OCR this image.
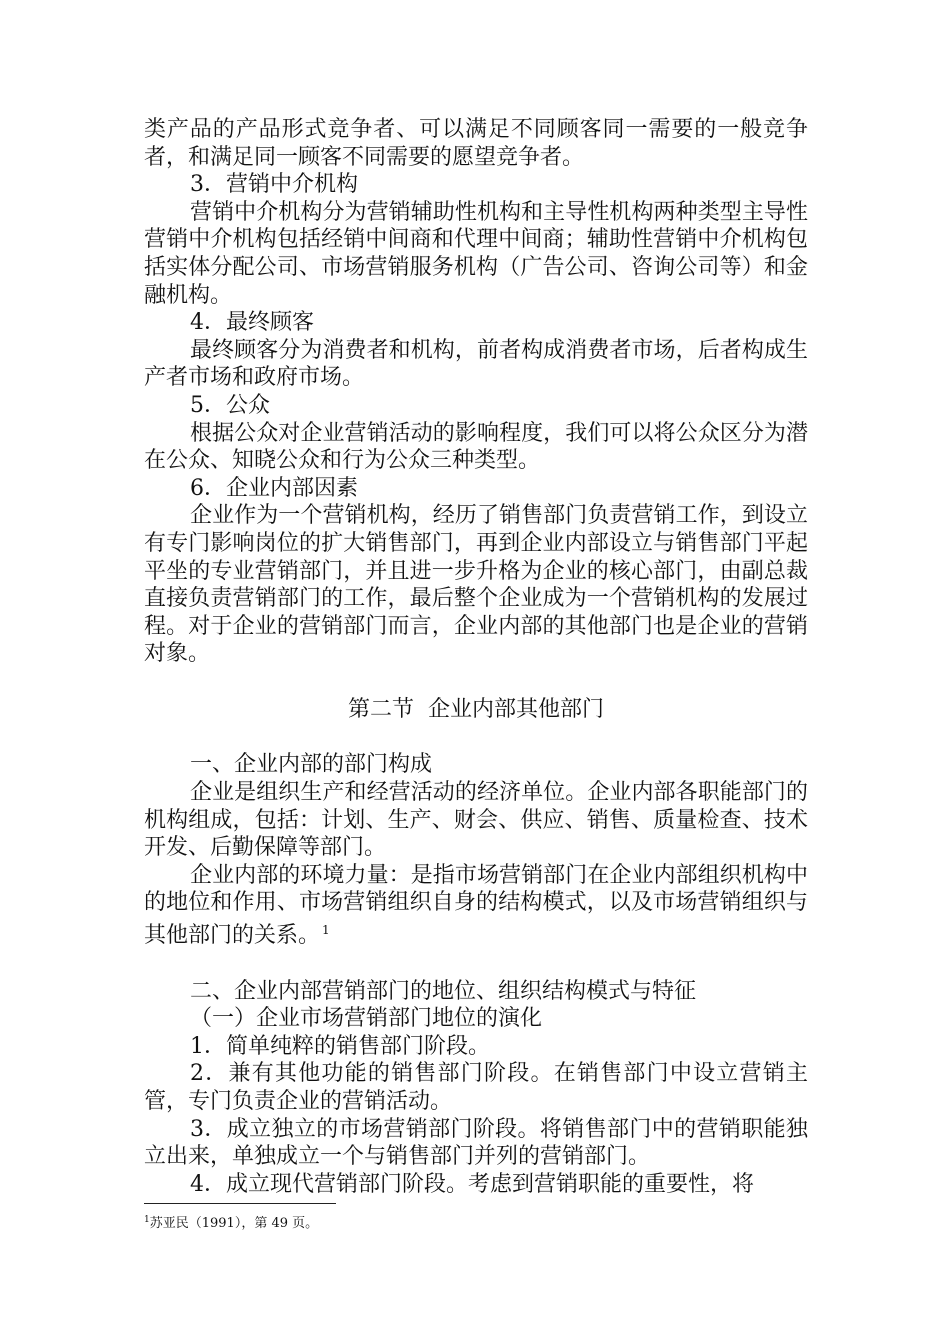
类产品的产品形式竞争者、可以满足不同顾客同一需要的一般竞争者，和满足同一顾客不同需要的愿望竞争者。

3．营销中介机构

营销中介机构分为营销辅助性机构和主导性机构两种类型主导性营销中介机构包括经销中间商和代理中间商；辅助性营销中介机构包括实体分配公司、市场营销服务机构（广告公司、咨询公司等）和金融机构。

4．最终顾客

最终顾客分为消费者和机构，前者构成消费者市场，后者构成生产者市场和政府市场。

5．公众

根据公众对企业营销活动的影响程度，我们可以将公众区分为潜在公众、知晓公众和行为公众三种类型。

6．企业内部因素

企业作为一个营销机构，经历了销售部门负责营销工作，到设立有专门影响岗位的扩大销售部门，再到企业内部设立与销售部门平起平坐的专业营销部门，并且进一步升格为企业的核心部门，由副总裁直接负责营销部门的工作，最后整个企业成为一个营销机构的发展过程。对于企业的营销部门而言，企业内部的其他部门也是企业的营销对象。

第二节  企业内部其他部门

一、企业内部的部门构成

企业是组织生产和经营活动的经济单位。企业内部各职能部门的机构组成，包括：计划、生产、财会、供应、销售、质量检查、技术开发、后勤保障等部门。

企业内部的环境力量：是指市场营销部门在企业内部组织机构中的地位和作用、市场营销组织自身的结构模式，以及市场营销组织与其他部门的关系。 $^1$

二、企业内部营销部门的地位、组织结构模式与特征

（一）企业市场营销部门地位的演化

1．简单纯粹的销售部门阶段。

2．兼有其他功能的销售部门阶段。在销售部门中设立营销主管，专门负责企业的营销活动。

3．成立独立的市场营销部门阶段。将销售部门中的营销职能独立出来，单独成立一个与销售部门并列的营销部门。

4．成立现代营销部门阶段。考虑到营销职能的重要性，将

$^1$苏亚民（1991），第 49 页。
